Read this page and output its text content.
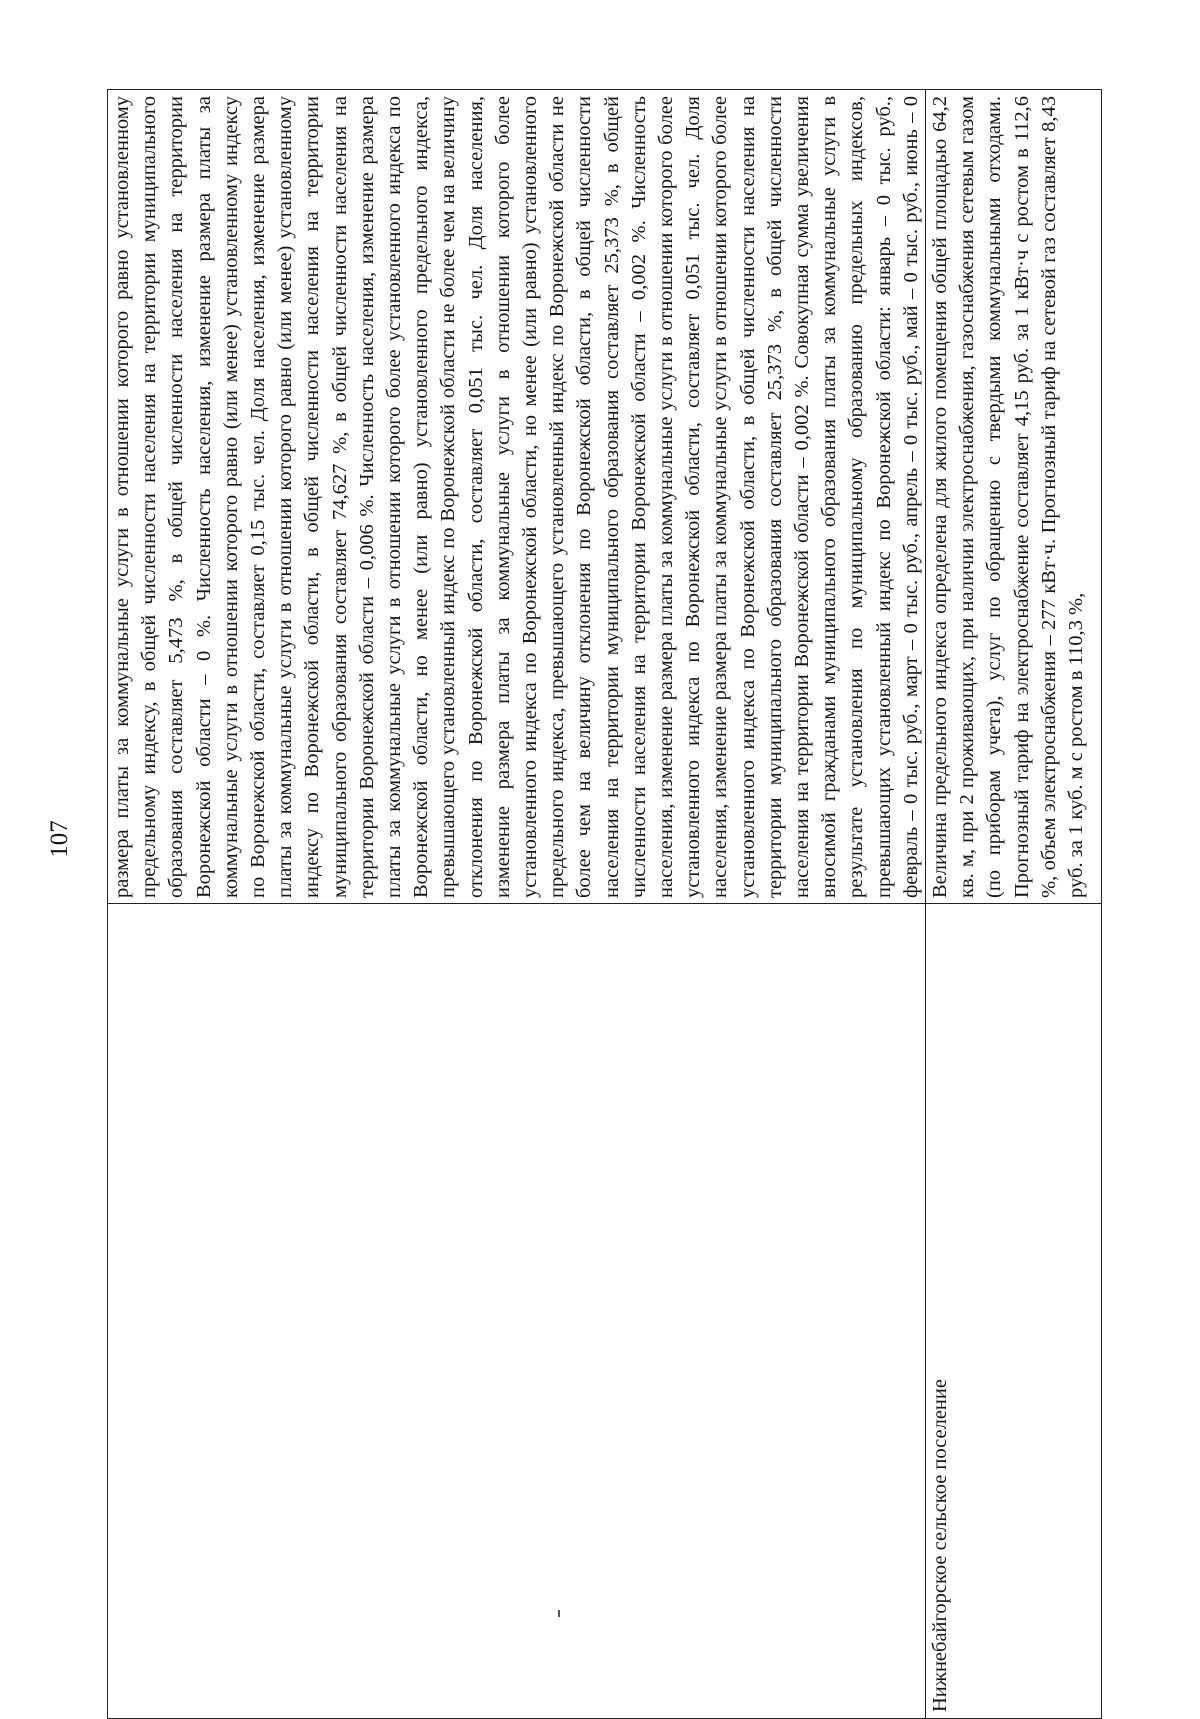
107 размера платы за коммунальные услуги в отношении которого равно установленному предельному индексу, в общей численности населения на территории муниципального образования составляет 5,473 %, в общей численности населения на территории Воронежской области – 0 %. Численность населения, изменение размера платы за коммунальные услуги в отношении которого равно (или менее) установленному индексу по Воронежской области, составляет 0,15 тыс. чел. Доля населения, изменение размера платы за коммунальные услуги в отношении которого равно (или менее) установленному индексу по Воронежской области, в общей численности населения на территории муниципального образования составляет 74,627 %, в общей численности населения на территории Воронежской области – 0,006 %. Численность населения, изменение размера платы за коммунальные услуги в отношении которого более установленного индекса по Воронежской области, но менее (или равно) установленного предельного индекса, превышающего установленный индекс по Воронежской области не более чем на величину отклонения по Воронежской области, составляет 0,051 тыс. чел. Доля населения, изменение размера платы за коммунальные услуги в отношении которого более установленного индекса по Воронежской области, но менее (или равно) установленного предельного индекса, превышающего установленный индекс по Воронежской области не более чем на величину отклонения по Воронежской области, в общей численности населения на территории муниципального образования составляет 25,373 %, в общей численности населения на территории Воронежской области – 0,002 %. Численность населения, изменение размера платы за коммунальные услуги в отношении которого более установленного индекса по Воронежской области, составляет 0,051 тыс. чел. Доля населения, изменение размера платы за коммунальные услуги в отношении которого более установленного индекса по Воронежской области, в общей численности населения на территории муниципального образования составляет 25,373 %, в общей численности населения на территории Воронежской области – 0,002 %. Совокупная сумма увеличения вносимой гражданами муниципального образования платы за коммунальные услуги в результате установления по муниципальному образованию предельных индексов, превышающих установленный индекс по Воронежской области: январь – 0 тыс. руб., февраль – 0 тыс. руб., март – 0 тыс. руб., апрель – 0 тыс. руб., май – 0 тыс. руб., июнь – 0
Нижнебайгорское сельское поселение
Величина предельного индекса определена для жилого помещения общей площадью 64,2 кв. м, при 2 проживающих, при наличии электроснабжения, газоснабжения сетевым газом (по приборам учета), услуг по обращению с твердыми коммунальными отходами. Прогнозный тариф на электроснабжение составляет 4,15 руб. за 1 кВт·ч с ростом в 112,6 %, объем электроснабжения – 277 кВт·ч. Прогнозный тариф на сетевой газ составляет 8,43 руб. за 1 куб. м с ростом в 110,3 %,
